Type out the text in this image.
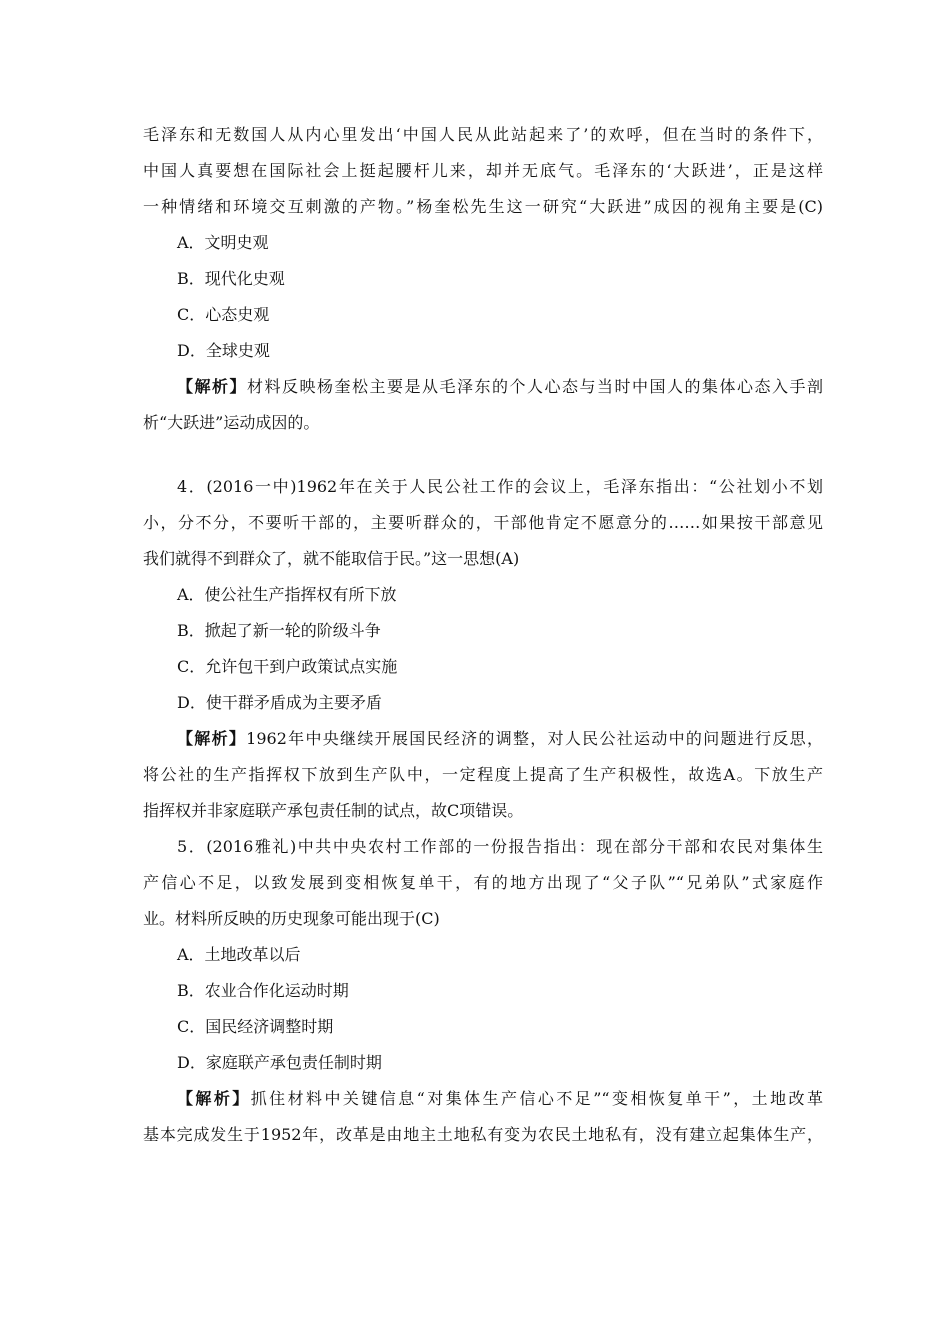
毛泽东和无数国人从内心里发出‘中国人民从此站起来了’的欢呼，但在当时的条件下，
中国人真要想在国际社会上挺起腰杆儿来，却并无底气。毛泽东的‘大跃进’，正是这样
一种情绪和环境交互刺激的产物。”杨奎松先生这一研究“大跃进”成因的视角主要是(C)
A．文明史观
B．现代化史观
C．心态史观
D．全球史观
【解析】材料反映杨奎松主要是从毛泽东的个人心态与当时中国人的集体心态入手剖
析“大跃进”运动成因的。
4．(2016一中)1962年在关于人民公社工作的会议上，毛泽东指出：“公社划小不划
小，分不分，不要听干部的，主要听群众的，干部他肯定不愿意分的……如果按干部意见
我们就得不到群众了，就不能取信于民。”这一思想(A)
A．使公社生产指挥权有所下放
B．掀起了新一轮的阶级斗争
C．允许包干到户政策试点实施
D．使干群矛盾成为主要矛盾
【解析】1962年中央继续开展国民经济的调整，对人民公社运动中的问题进行反思，
将公社的生产指挥权下放到生产队中，一定程度上提高了生产积极性，故选A。下放生产
指挥权并非家庭联产承包责任制的试点，故C项错误。
5．(2016雅礼)中共中央农村工作部的一份报告指出：现在部分干部和农民对集体生
产信心不足，以致发展到变相恢复单干，有的地方出现了“父子队”“兄弟队”式家庭作
业。材料所反映的历史现象可能出现于(C)
A．土地改革以后
B．农业合作化运动时期
C．国民经济调整时期
D．家庭联产承包责任制时期
【解析】抓住材料中关键信息“对集体生产信心不足”“变相恢复单干”，土地改革
基本完成发生于1952年，改革是由地主土地私有变为农民土地私有，没有建立起集体生产，
